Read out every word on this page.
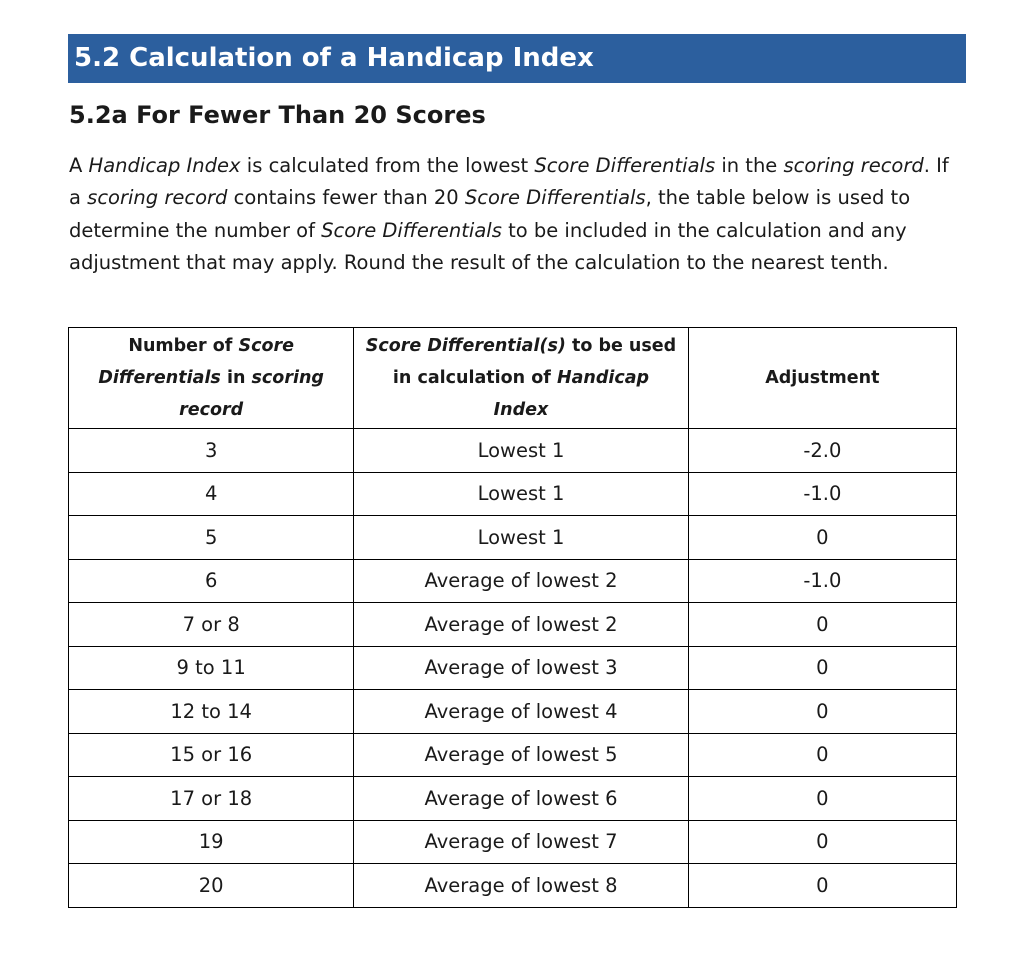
5.2 Calculation of a Handicap Index
5.2a For Fewer Than 20 Scores
A Handicap Index is calculated from the lowest Score Differentials in the scoring record. If a scoring record contains fewer than 20 Score Differentials, the table below is used to determine the number of Score Differentials to be included in the calculation and any adjustment that may apply. Round the result of the calculation to the nearest tenth.
Number of Score
Differentials in scoring
record	Score Differential(s) to be used
in calculation of Handicap
Index	Adjustment
3	Lowest 1	-2.0
4	Lowest 1	-1.0
5	Lowest 1	0
6	Average of lowest 2	-1.0
7 or 8	Average of lowest 2	0
9 to 11	Average of lowest 3	0
12 to 14	Average of lowest 4	0
15 or 16	Average of lowest 5	0
17 or 18	Average of lowest 6	0
19	Average of lowest 7	0
20	Average of lowest 8	0
